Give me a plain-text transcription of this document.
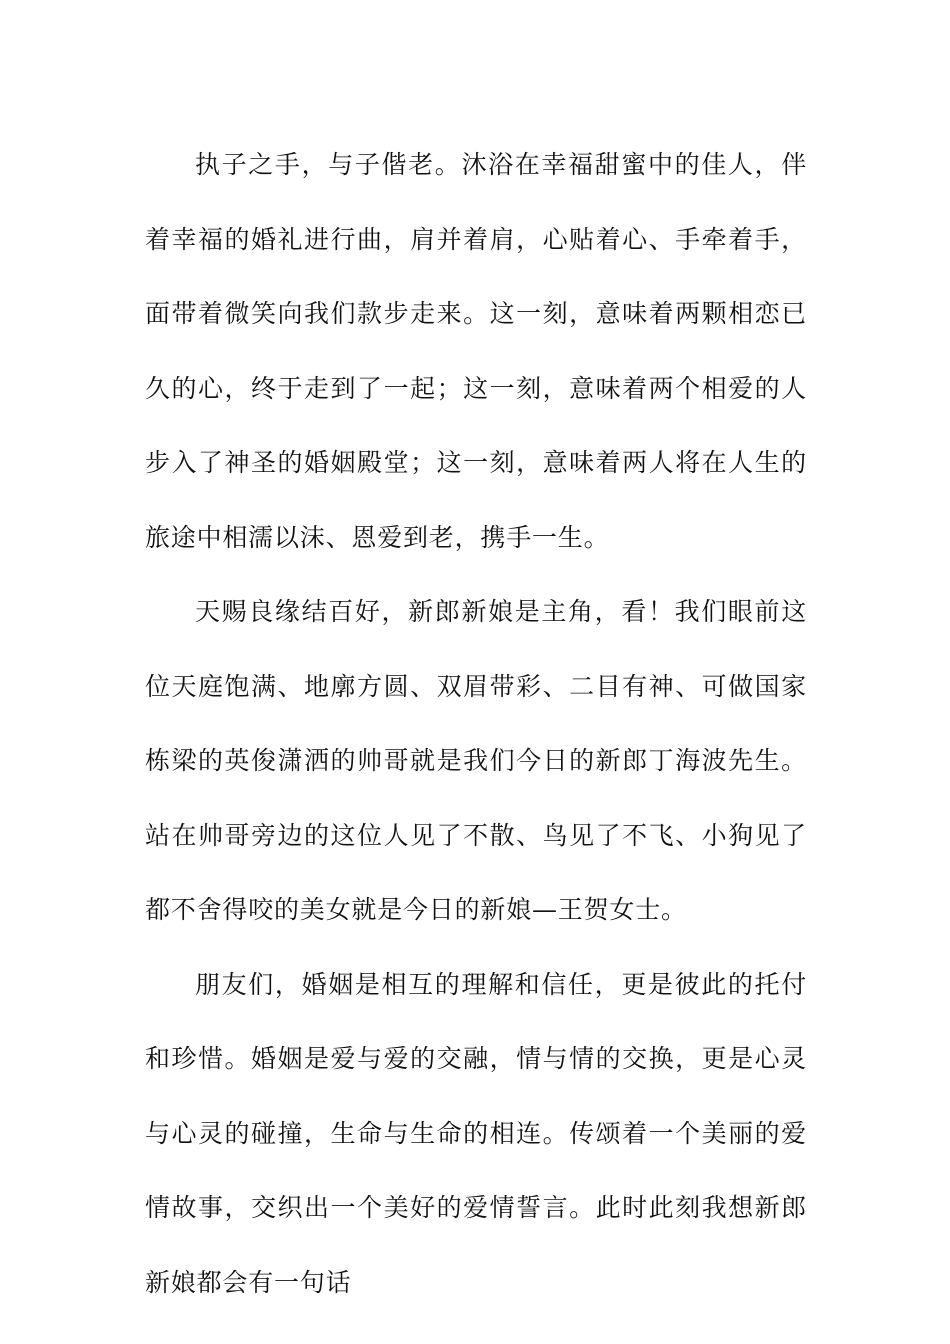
执子之手，与子偕老。沐浴在幸福甜蜜中的佳人，伴着幸福的婚礼进行曲，肩并着肩，心贴着心、手牵着手，面带着微笑向我们款步走来。这一刻，意味着两颗相恋已久的心，终于走到了一起；这一刻，意味着两个相爱的人步入了神圣的婚姻殿堂；这一刻，意味着两人将在人生的旅途中相濡以沫、恩爱到老，携手一生。

天赐良缘结百好，新郎新娘是主角，看！我们眼前这位天庭饱满、地廓方圆、双眉带彩、二目有神、可做国家栋梁的英俊潇洒的帅哥就是我们今日的新郎丁海波先生。站在帅哥旁边的这位人见了不散、鸟见了不飞、小狗见了都不舍得咬的美女就是今日的新娘—王贺女士。

朋友们，婚姻是相互的理解和信任，更是彼此的托付和珍惜。婚姻是爱与爱的交融，情与情的交换，更是心灵与心灵的碰撞，生命与生命的相连。传颂着一个美丽的爱情故事，交织出一个美好的爱情誓言。此时此刻我想新郎新娘都会有一句话
